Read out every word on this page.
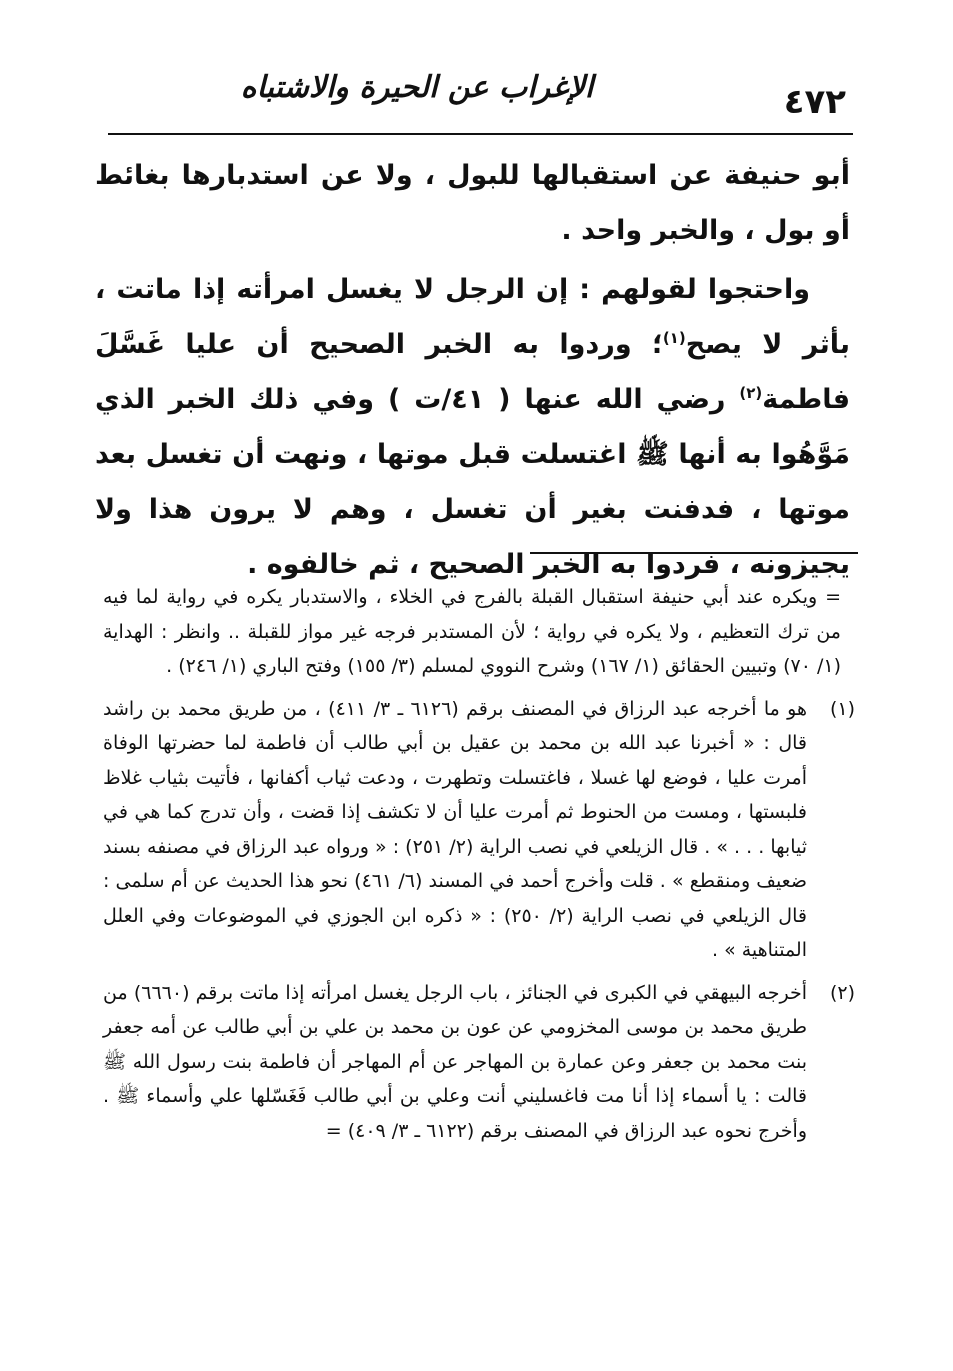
٤٧٢
الإغراب عن الحيرة والاشتباه

أبو حنيفة عن استقبالها للبول ، ولا عن استدبارها بغائط أو بول ، والخبر واحد .

واحتجوا لقولهم : إن الرجل لا يغسل امرأته إذا ماتت ، بأثر لا يصح$^{(١)}$؛ وردوا به الخبر الصحيح أن عليا غَسَّلَ فاطمة$^{(٢)}$ رضي الله عنها ( ٤١/ت ) وفي ذلك الخبر الذي مَوَّهُوا به أنها ﷺ اغتسلت قبل موتها ، ونهت أن تغسل بعد موتها ، فدفنت بغير أن تغسل ، وهم لا يرون هذا ولا يجيزونه ، فردوا به الخبر الصحيح ، ثم خالفوه .

= ويكره عند أبي حنيفة استقبال القبلة بالفرج في الخلاء ، والاستدبار يكره في رواية لما فيه من ترك التعظيم ، ولا يكره في رواية ؛ لأن المستدبر فرجه غير مواز للقبلة .. وانظر : الهداية (١/ ٧٠) وتبيين الحقائق (١/ ١٦٧) وشرح النووي لمسلم (٣/ ١٥٥) وفتح الباري (١/ ٢٤٦) .
(١)
هو ما أخرجه عبد الرزاق في المصنف برقم (٦١٢٦ ـ ٣/ ٤١١) ، من طريق محمد بن راشد قال : « أخبرنا عبد الله بن محمد بن عقيل بن أبي طالب أن فاطمة لما حضرتها الوفاة أمرت عليا ، فوضع لها غسلا ، فاغتسلت وتطهرت ، ودعت ثياب أكفانها ، فأتيت بثياب غلاظ فلبستها ، ومست من الحنوط ثم أمرت عليا أن لا تكشف إذا قضت ، وأن تدرج كما هي في ثيابها . . . » . قال الزيلعي في نصب الراية (٢/ ٢٥١) : « ورواه عبد الرزاق في مصنفه بسند ضعيف ومنقطع » . قلت وأخرج أحمد في المسند (٦/ ٤٦١) نحو هذا الحديث عن أم سلمى : قال الزيلعي في نصب الراية (٢/ ٢٥٠) : « ذكره ابن الجوزي في الموضوعات وفي العلل المتناهية » .
(٢)
أخرجه البيهقي في الكبرى في الجنائز ، باب الرجل يغسل امرأته إذا ماتت برقم (٦٦٦٠) من طريق محمد بن موسى المخزومي عن عون بن محمد بن علي بن أبي طالب عن أمه جعفر بنت محمد بن جعفر وعن عمارة بن المهاجر عن أم المهاجر أن فاطمة بنت رسول الله ﷺ قالت : يا أسماء إذا أنا مت فاغسليني أنت وعلي بن أبي طالب فَغَسّلها علي وأسماء ﷺ . وأخرج نحوه عبد الرزاق في المصنف برقم (٦١٢٢ ـ ٣/ ٤٠٩) =
